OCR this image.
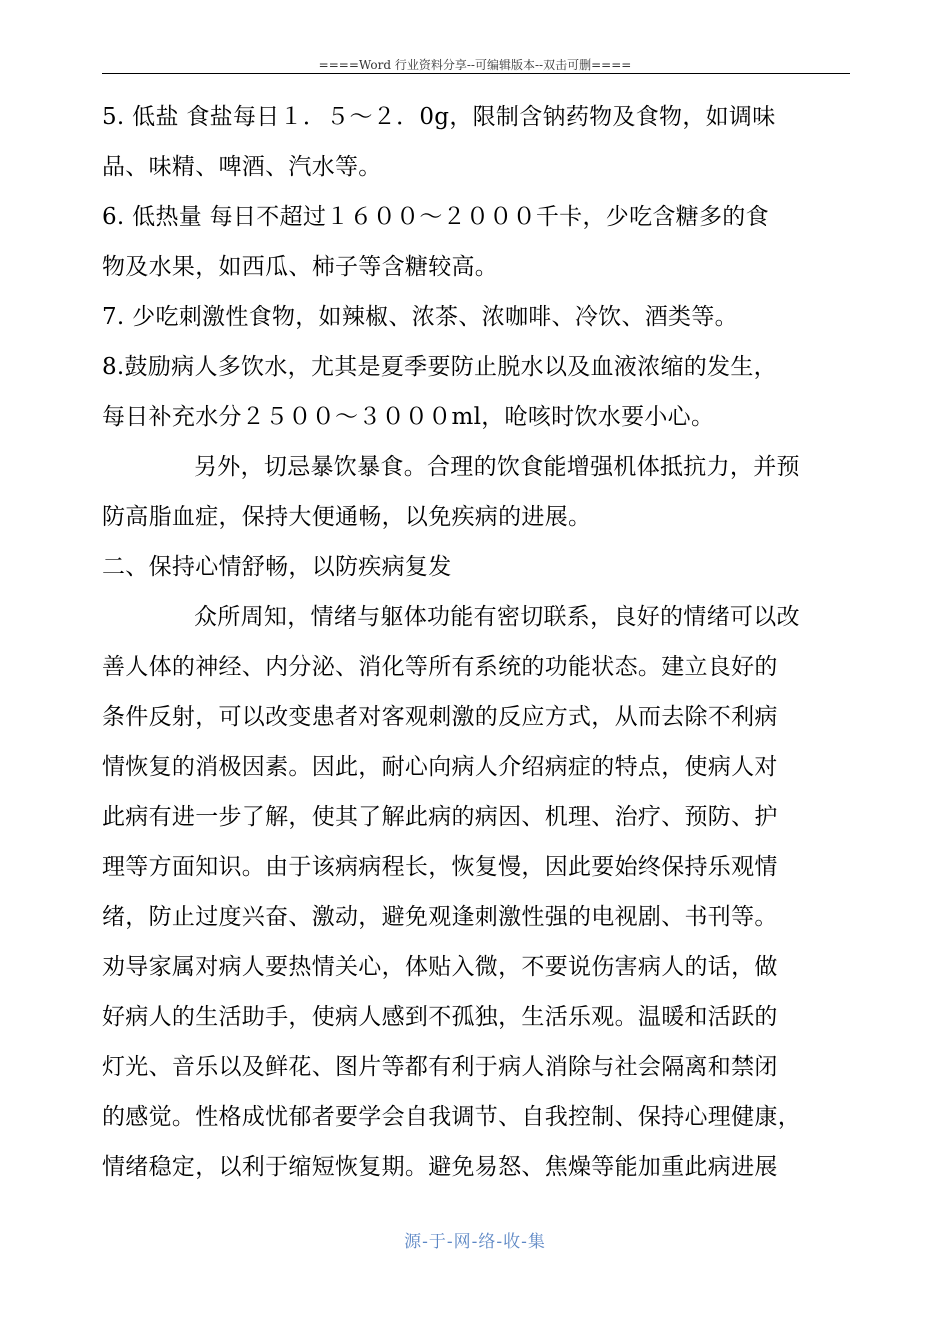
====Word 行业资料分享--可编辑版本--双击可删====
5. 低盐 食盐每日１．５～２．0g，限制含钠药物及食物，如调味
品、味精、啤酒、汽水等。
6. 低热量 每日不超过１６００～２０００千卡，少吃含糖多的食
物及水果，如西瓜、柿子等含糖较高。
7. 少吃刺激性食物，如辣椒、浓茶、浓咖啡、冷饮、酒类等。
8.鼓励病人多饮水，尤其是夏季要防止脱水以及血液浓缩的发生，
每日补充水分２５００～３０００ml，呛咳时饮水要小心。
另外，切忌暴饮暴食。合理的饮食能增强机体抵抗力，并预
防高脂血症，保持大便通畅，以免疾病的进展。
二、保持心情舒畅，以防疾病复发
众所周知，情绪与躯体功能有密切联系，良好的情绪可以改
善人体的神经、内分泌、消化等所有系统的功能状态。建立良好的
条件反射，可以改变患者对客观刺激的反应方式，从而去除不利病
情恢复的消极因素。因此，耐心向病人介绍病症的特点，使病人对
此病有进一步了解，使其了解此病的病因、机理、治疗、预防、护
理等方面知识。由于该病病程长，恢复慢，因此要始终保持乐观情
绪，防止过度兴奋、激动，避免观逢刺激性强的电视剧、书刊等。
劝导家属对病人要热情关心，体贴入微，不要说伤害病人的话，做
好病人的生活助手，使病人感到不孤独，生活乐观。温暖和活跃的
灯光、音乐以及鲜花、图片等都有利于病人消除与社会隔离和禁闭
的感觉。性格成忧郁者要学会自我调节、自我控制、保持心理健康，
情绪稳定，以利于缩短恢复期。避免易怒、焦燥等能加重此病进展
源-于-网-络-收-集
